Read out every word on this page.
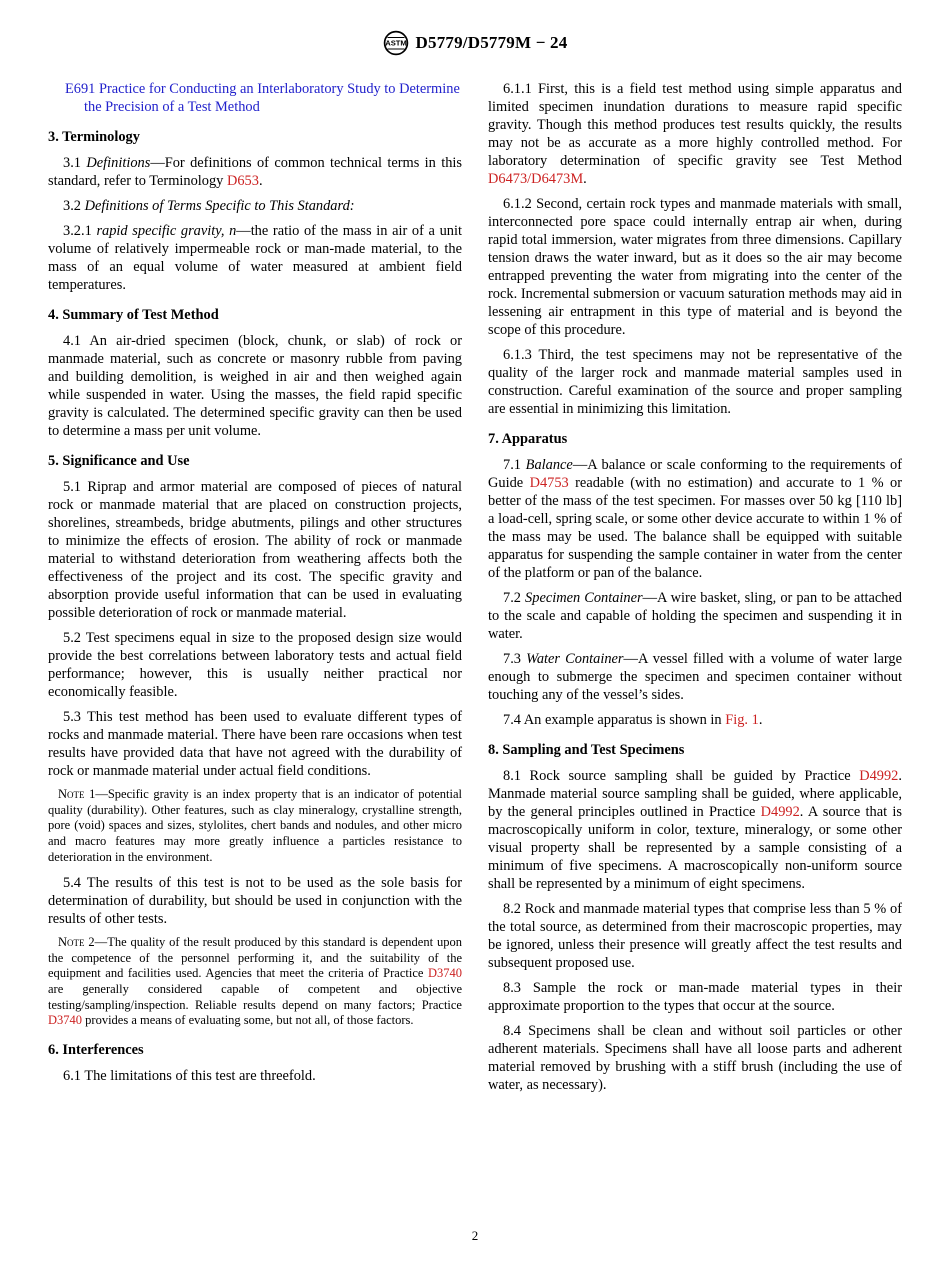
ASTM D5779/D5779M − 24

E691 Practice for Conducting an Interlaboratory Study to Determine the Precision of a Test Method

3. Terminology

3.1 Definitions—For definitions of common technical terms in this standard, refer to Terminology D653.

3.2 Definitions of Terms Specific to This Standard:

3.2.1 rapid specific gravity, n—the ratio of the mass in air of a unit volume of relatively impermeable rock or man-made material, to the mass of an equal volume of water measured at ambient field temperatures.

4. Summary of Test Method

4.1 An air-dried specimen (block, chunk, or slab) of rock or manmade material, such as concrete or masonry rubble from paving and building demolition, is weighed in air and then weighed again while suspended in water. Using the masses, the field rapid specific gravity is calculated. The determined specific gravity can then be used to determine a mass per unit volume.

5. Significance and Use

5.1 Riprap and armor material are composed of pieces of natural rock or manmade material that are placed on construction projects, shorelines, streambeds, bridge abutments, pilings and other structures to minimize the effects of erosion. The ability of rock or manmade material to withstand deterioration from weathering affects both the effectiveness of the project and its cost. The specific gravity and absorption provide useful information that can be used in evaluating possible deterioration of rock or manmade material.

5.2 Test specimens equal in size to the proposed design size would provide the best correlations between laboratory tests and actual field performance; however, this is usually neither practical nor economically feasible.

5.3 This test method has been used to evaluate different types of rocks and manmade material. There have been rare occasions when test results have provided data that have not agreed with the durability of rock or manmade material under actual field conditions.

Note 1—Specific gravity is an index property that is an indicator of potential quality (durability). Other features, such as clay mineralogy, crystalline strength, pore (void) spaces and sizes, stylolites, chert bands and nodules, and other micro and macro features may more greatly influence a particles resistance to deterioration in the environment.

5.4 The results of this test is not to be used as the sole basis for determination of durability, but should be used in conjunction with the results of other tests.

Note 2—The quality of the result produced by this standard is dependent upon the competence of the personnel performing it, and the suitability of the equipment and facilities used. Agencies that meet the criteria of Practice D3740 are generally considered capable of competent and objective testing/sampling/inspection. Reliable results depend on many factors; Practice D3740 provides a means of evaluating some, but not all, of those factors.

6. Interferences

6.1 The limitations of this test are threefold.

6.1.1 First, this is a field test method using simple apparatus and limited specimen inundation durations to measure rapid specific gravity. Though this method produces test results quickly, the results may not be as accurate as a more highly controlled method. For laboratory determination of specific gravity see Test Method D6473/D6473M.

6.1.2 Second, certain rock types and manmade materials with small, interconnected pore space could internally entrap air when, during rapid total immersion, water migrates from three dimensions. Capillary tension draws the water inward, but as it does so the air may become entrapped preventing the water from migrating into the center of the rock. Incremental submersion or vacuum saturation methods may aid in lessening air entrapment in this type of material and is beyond the scope of this procedure.

6.1.3 Third, the test specimens may not be representative of the quality of the larger rock and manmade material samples used in construction. Careful examination of the source and proper sampling are essential in minimizing this limitation.

7. Apparatus

7.1 Balance—A balance or scale conforming to the requirements of Guide D4753 readable (with no estimation) and accurate to 1 % or better of the mass of the test specimen. For masses over 50 kg [110 lb] a load-cell, spring scale, or some other device accurate to within 1 % of the mass may be used. The balance shall be equipped with suitable apparatus for suspending the sample container in water from the center of the platform or pan of the balance.

7.2 Specimen Container—A wire basket, sling, or pan to be attached to the scale and capable of holding the specimen and suspending it in water.

7.3 Water Container—A vessel filled with a volume of water large enough to submerge the specimen and specimen container without touching any of the vessel’s sides.

7.4 An example apparatus is shown in Fig. 1.

8. Sampling and Test Specimens

8.1 Rock source sampling shall be guided by Practice D4992. Manmade material source sampling shall be guided, where applicable, by the general principles outlined in Practice D4992. A source that is macroscopically uniform in color, texture, mineralogy, or some other visual property shall be represented by a sample consisting of a minimum of five specimens. A macroscopically non-uniform source shall be represented by a minimum of eight specimens.

8.2 Rock and manmade material types that comprise less than 5 % of the total source, as determined from their macroscopic properties, may be ignored, unless their presence will greatly affect the test results and subsequent proposed use.

8.3 Sample the rock or man-made material types in their approximate proportion to the types that occur at the source.

8.4 Specimens shall be clean and without soil particles or other adherent materials. Specimens shall have all loose parts and adherent material removed by brushing with a stiff brush (including the use of water, as necessary).

2
